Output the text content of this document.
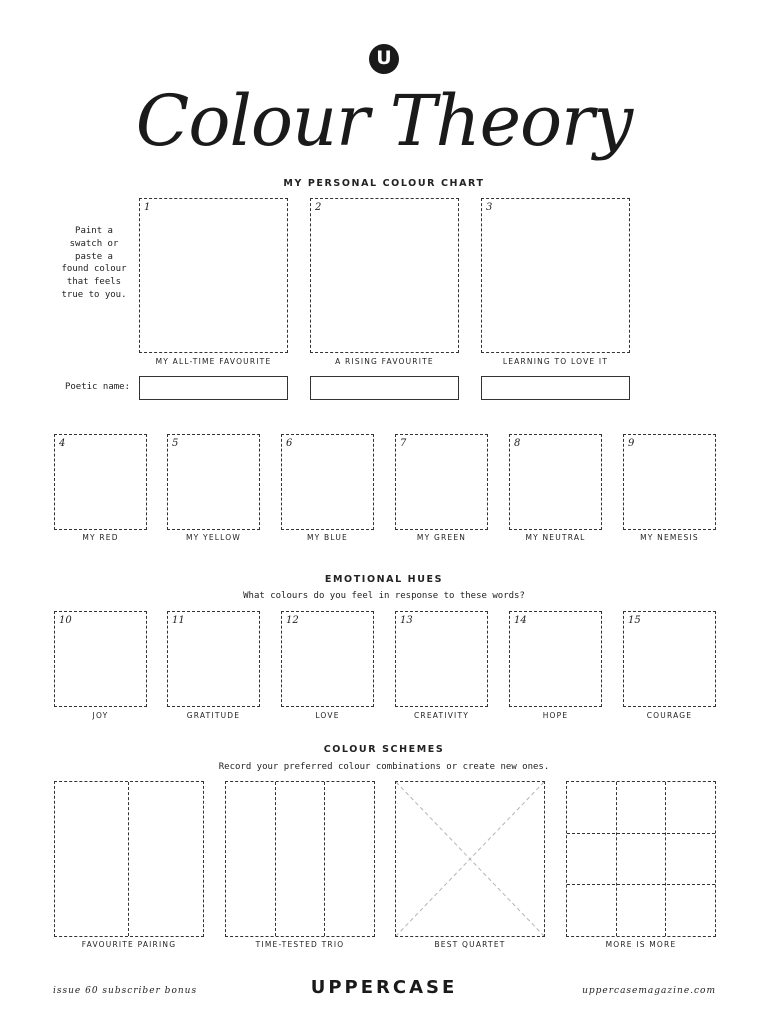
U
Colour Theory
MY PERSONAL COLOUR CHART
Paint a
swatch or
paste a
found colour
that feels
true to you.
1	2	3
MY ALL-TIME FAVOURITE	A RISING FAVOURITE	LEARNING TO LOVE IT
Poetic name:
4	5	6	7	8	9
MY RED	MY YELLOW	MY BLUE	MY GREEN	MY NEUTRAL	MY NEMESIS
EMOTIONAL HUES
What colours do you feel in response to these words?
10	11	12	13	14	15
JOY	GRATITUDE	LOVE	CREATIVITY	HOPE	COURAGE
COLOUR SCHEMES
Record your preferred colour combinations or create new ones.
FAVOURITE PAIRING	TIME-TESTED TRIO	BEST QUARTET	MORE IS MORE
issue 60 subscriber bonus	UPPERCASE	uppercasemagazine.com
